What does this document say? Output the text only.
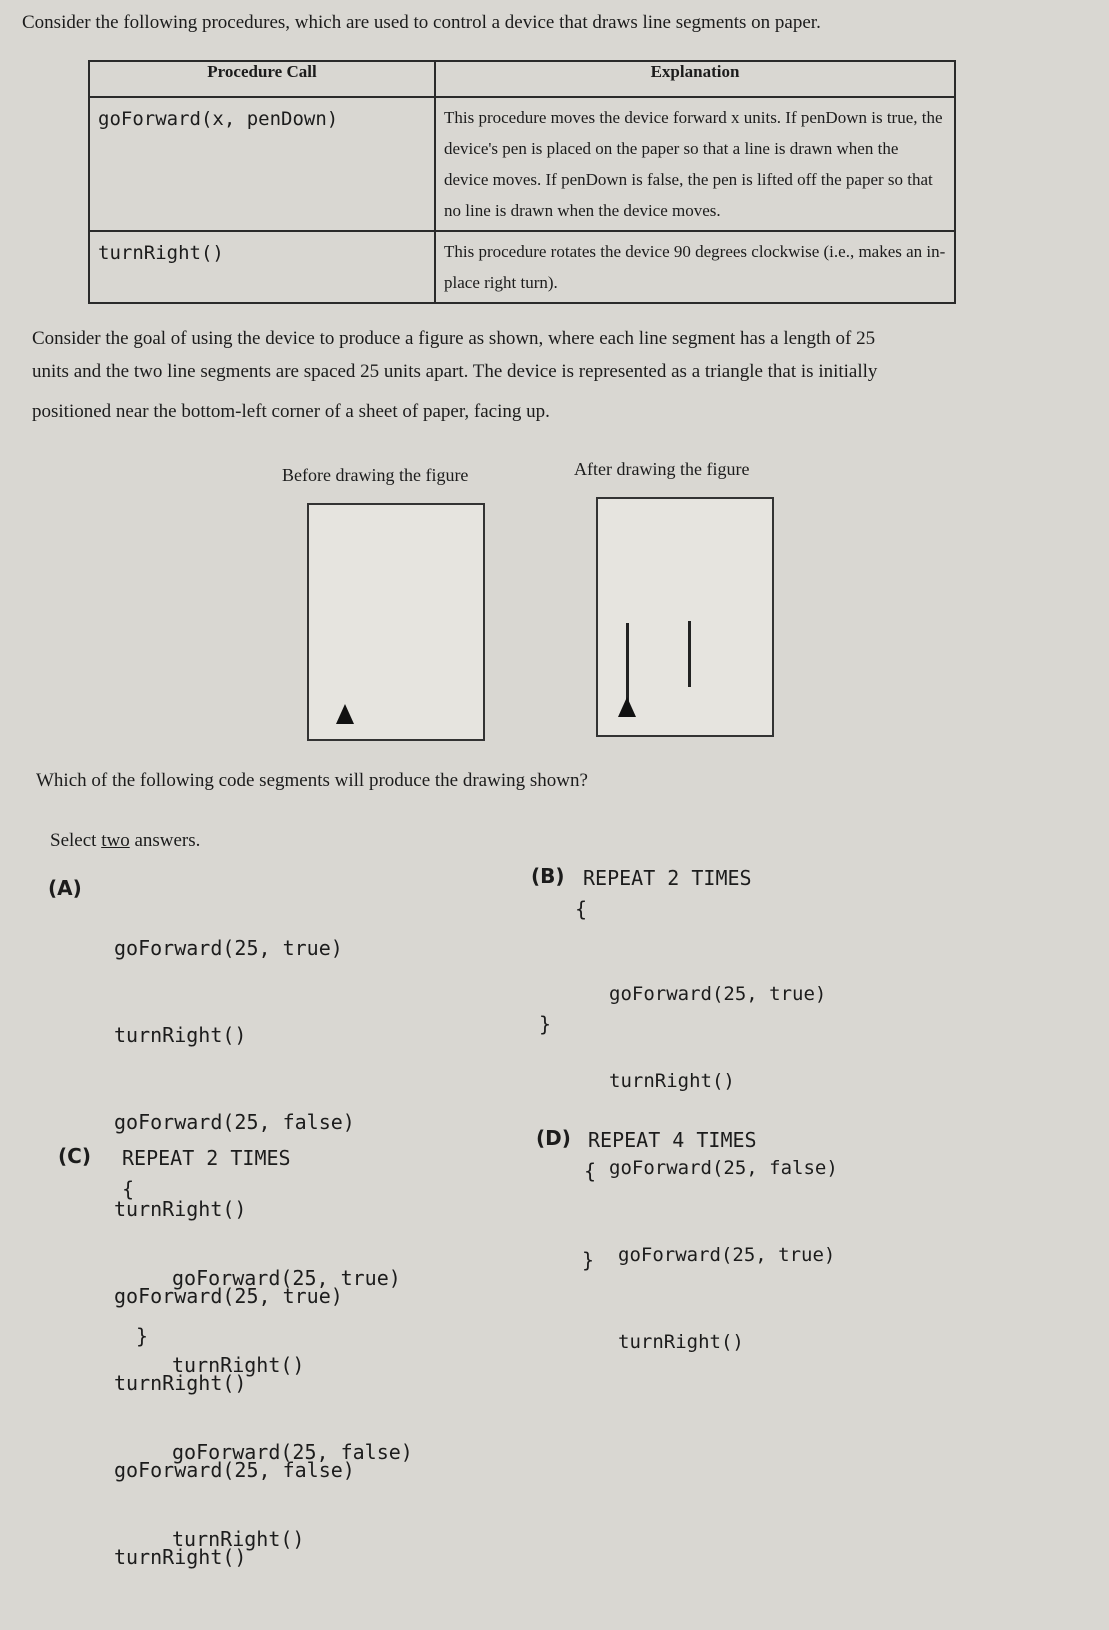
Consider the following procedures, which are used to control a device that draws line segments on paper.
Procedure Call	Explanation
goForward(x, penDown)	This procedure moves the device forward x units. If penDown is true, the device's pen is placed on the paper so that a line is drawn when the device moves. If penDown is false, the pen is lifted off the paper so that no line is drawn when the device moves.
turnRight()	This procedure rotates the device 90 degrees clockwise (i.e., makes an in-place right turn).
Consider the goal of using the device to produce a figure as shown, where each line segment has a length of 25
units and the two line segments are spaced 25 units apart. The device is represented as a triangle that is initially
positioned near the bottom-left corner of a sheet of paper, facing up.
Before drawing the figure	After drawing the figure
Which of the following code segments will produce the drawing shown?
Select two answers.
(A)

goForward(25, true)

turnRight()

goForward(25, false)

turnRight()

goForward(25, true)

turnRight()

goForward(25, false)

turnRight()

(B) REPEAT 2 TIMES
{

goForward(25, true)

turnRight()

goForward(25, false)

}
(C) REPEAT 2 TIMES
{

goForward(25, true)

turnRight()

goForward(25, false)

turnRight()

}
(D) REPEAT 4 TIMES
{

goForward(25, true)

turnRight()

}
